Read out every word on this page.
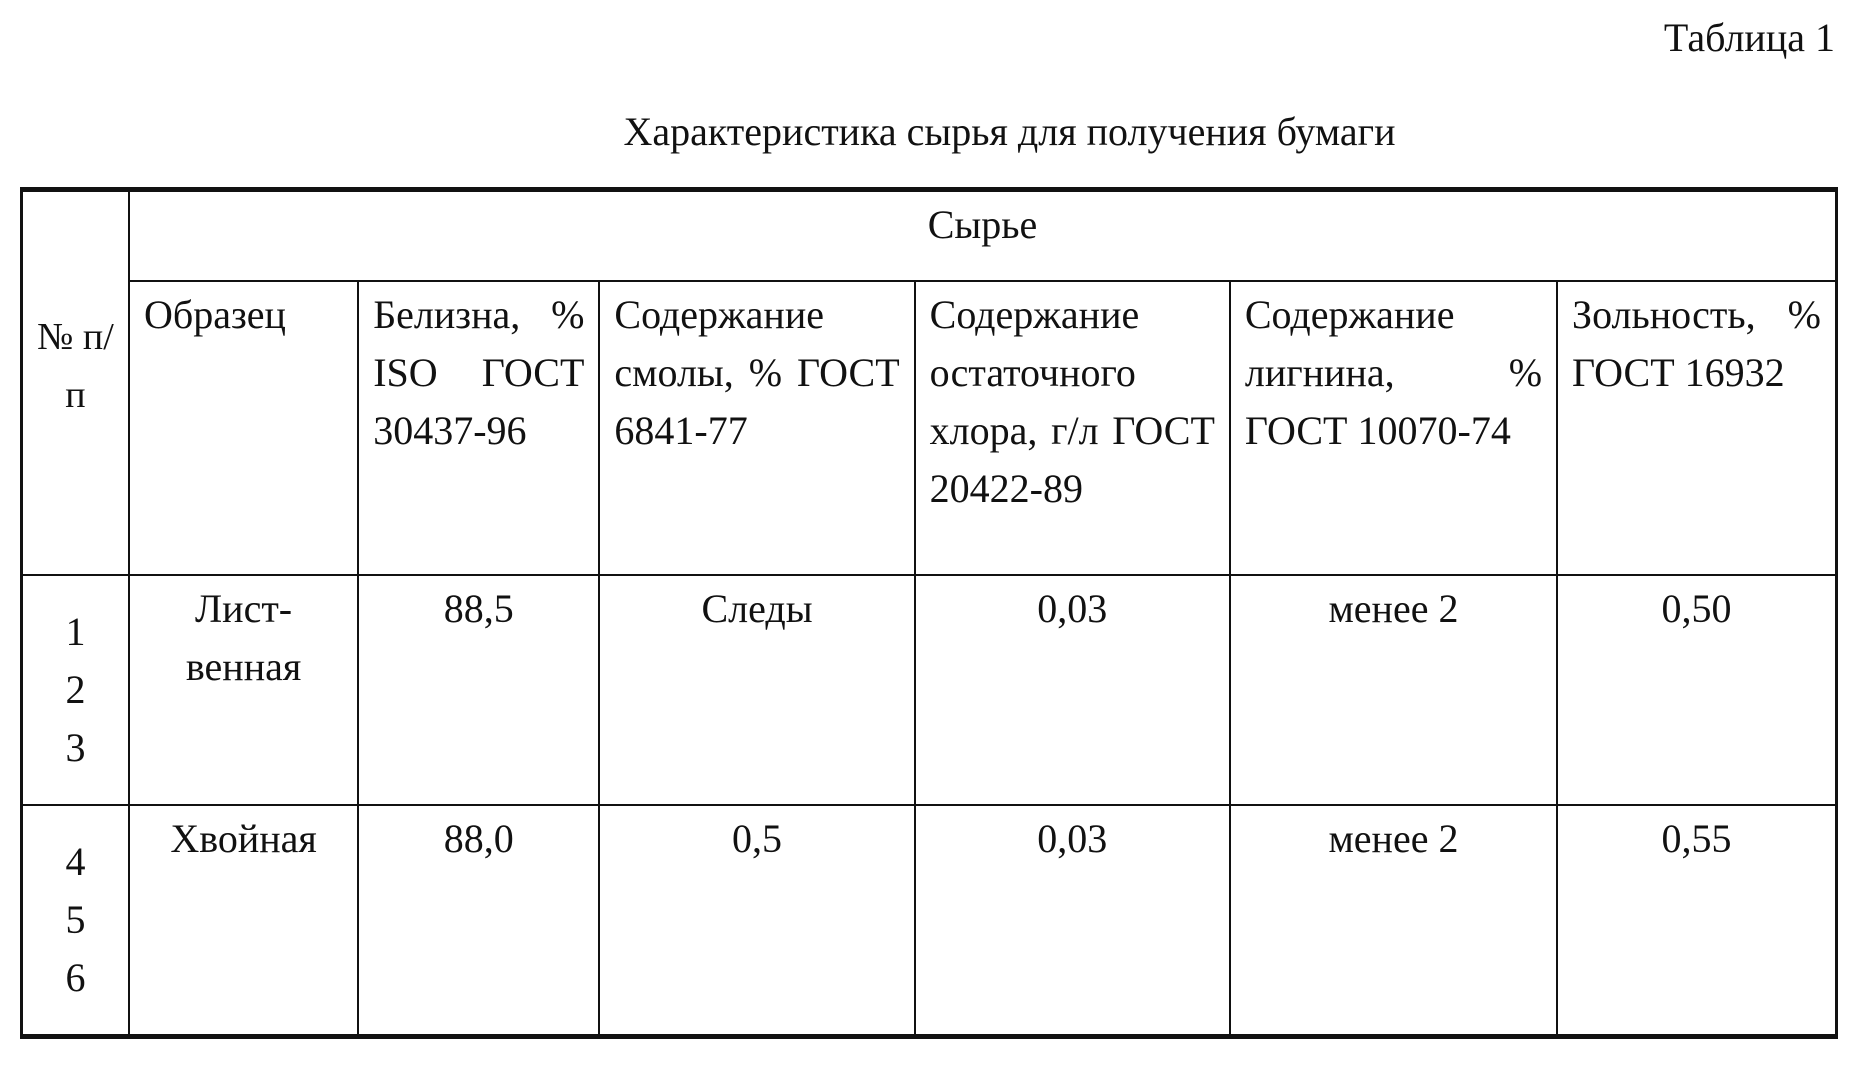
Таблица 1
Характеристика сырья для получения бумаги
	Сырье					

№ п/п	Образец	Белизна, % ISO ГОСТ 30437-96	Содержание смолы, % ГОСТ 6841-77	Содержание остаточного хлора, г/л ГОСТ 20422-89	Содержание лигнина, % ГОСТ 10070-74	Зольность, % ГОСТ 16932

1
2
3	Лист-венная	88,5	Следы	0,03	менее 2	0,50

4
5
6	Хвойная	88,0	0,5	0,03	менее 2	0,55
